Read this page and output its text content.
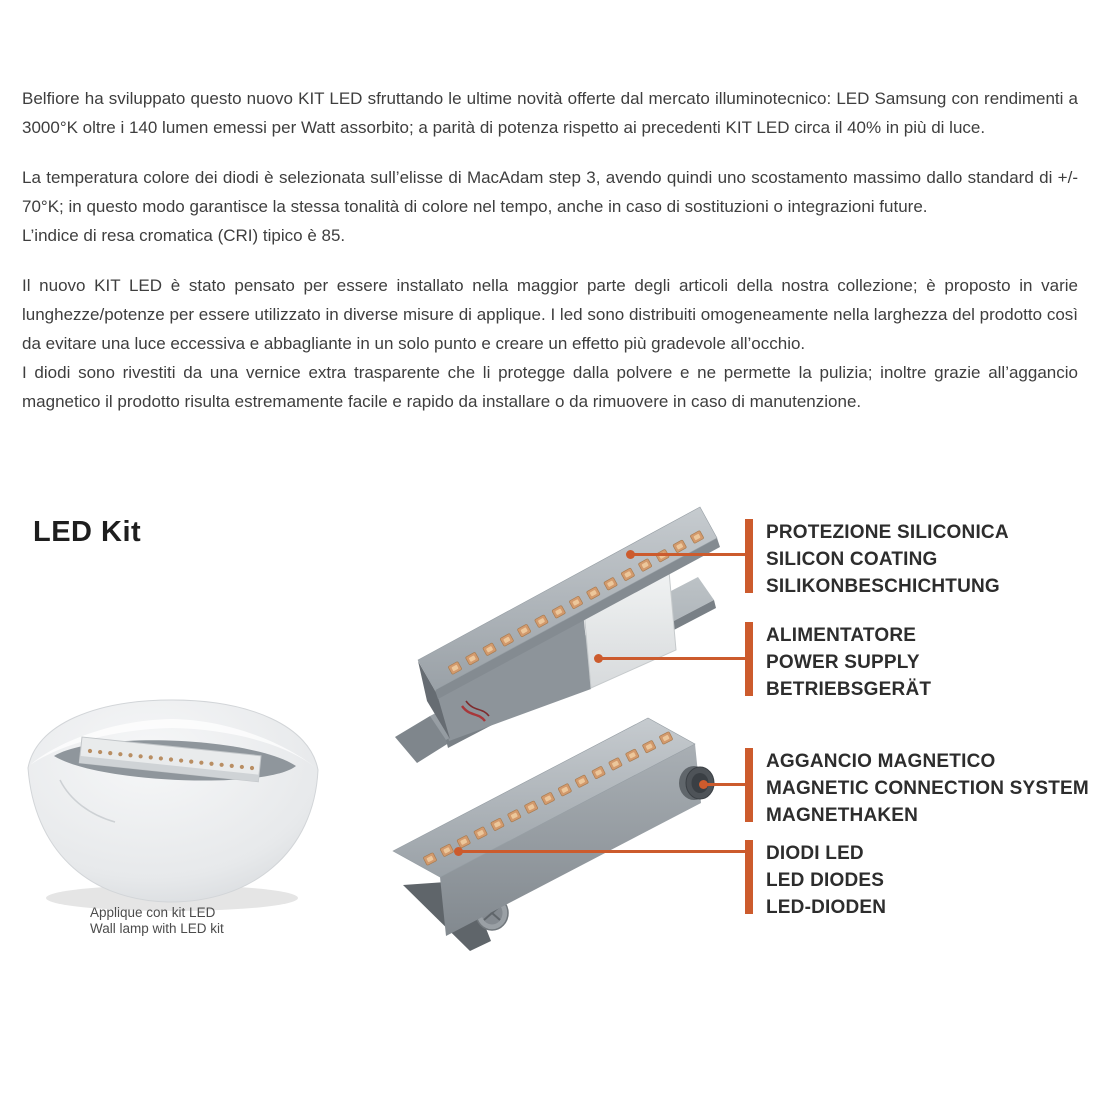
Belfiore ha sviluppato questo nuovo KIT LED sfruttando le ultime novità offerte dal mercato illuminotecnico: LED Samsung con rendimenti a 3000°K oltre i 140 lumen emessi per Watt assorbito; a parità di potenza rispetto ai precedenti KIT LED circa il 40% in più di luce.

La temperatura colore dei diodi è selezionata sull’elisse di MacAdam step 3, avendo quindi uno scostamento massimo dallo standard di +/- 70°K; in questo modo garantisce la stessa tonalità di colore nel tempo, anche in caso di sostituzioni o integrazioni future.

L’indice di resa cromatica (CRI) tipico è 85.

Il nuovo KIT LED è stato pensato per essere installato nella maggior parte degli articoli della nostra collezione; è proposto in varie lunghezze/potenze per essere utilizzato in diverse misure di applique. I led sono distribuiti omogeneamente nella larghezza del prodotto così da evitare una luce eccessiva e abbagliante in un solo punto e creare un effetto più gradevole all’occhio.

I diodi sono rivestiti da una vernice extra trasparente che li protegge dalla polvere e ne permette la pulizia; inoltre grazie all’aggancio magnetico il prodotto risulta estremamente facile e rapido da installare o da rimuovere in caso di manutenzione.

LED Kit	PROTEZIONE SILICONICA
SILICON COATING
SILIKONBESCHICHTUNG
ALIMENTATORE
POWER SUPPLY
BETRIEBSGERÄT
AGGANCIO MAGNETICO
MAGNETIC CONNECTION SYSTEM
MAGNETHAKEN
DIODI LED
LED DIODES
LED-DIODEN
Applique con kit LED
Wall lamp with LED kit
